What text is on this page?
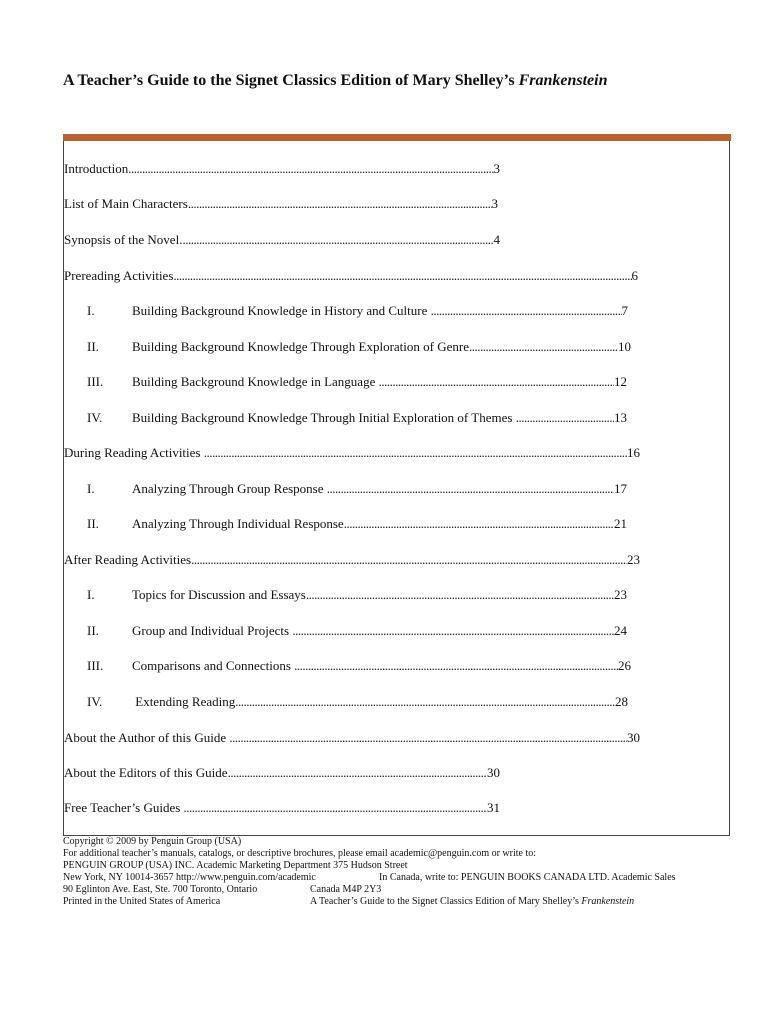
A Teacher’s Guide to the Signet Classics Edition of Mary Shelley’s Frankenstein
Introduction .....	3
List of Main Characters .....	3
Synopsis of the Novel. .....	4
Prereading Activities .....	6
I.	Building Background Knowledge in History and Culture .....	7
II.	Building Background Knowledge Through Exploration of Genre .....	10
III.	Building Background Knowledge in Language .....	12
IV.	Building Background Knowledge Through Initial Exploration of Themes .....	13
During Reading Activities .....	16
I.	Analyzing Through Group Response .....	17
II.	Analyzing Through Individual Response .....	21
After Reading Activities .....	23
I.	Topics for Discussion and Essays .....	23
II.	Group and Individual Projects .....	24
III.	Comparisons and Connections .....	26
IV.	Extending Reading .....	28
About the Author of this Guide .....	30
About the Editors of this Guide .....	30
Free Teacher’s Guides .....	31
Copyright © 2009 by Penguin Group (USA)
For additional teacher’s manuals, catalogs, or descriptive brochures, please email academic@penguin.com or write to:
PENGUIN GROUP (USA) INC. Academic Marketing Department 375 Hudson Street
New York, NY 10014-3657 http://www.penguin.com/academic	In Canada, write to: PENGUIN BOOKS CANADA LTD. Academic Sales
90 Eglinton Ave. East, Ste. 700 Toronto, Ontario	Canada M4P 2Y3
Printed in the United States of America	A Teacher’s Guide to the Signet Classics Edition of Mary Shelley’s Frankenstein
